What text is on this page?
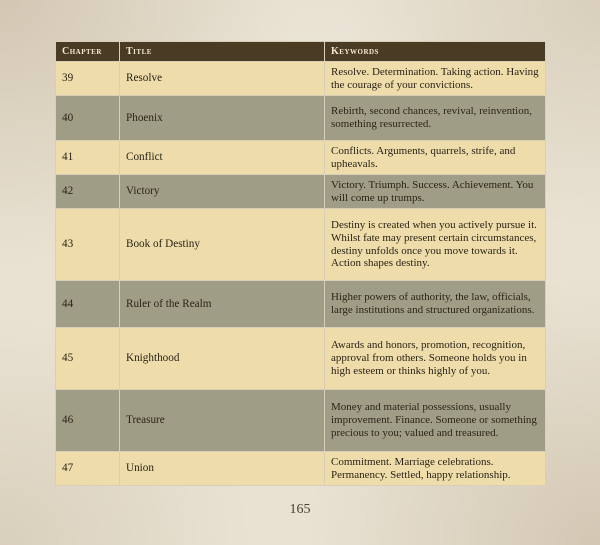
Chapter	Title	Keywords
39	Resolve	Resolve. Determination. Taking action. Having the courage of your convictions.
40	Phoenix	Rebirth, second chances, revival, reinvention, something resurrected.
41	Conflict	Conflicts. Arguments, quarrels, strife, and upheavals.
42	Victory	Victory. Triumph. Success. Achievement. You will come up trumps.
43	Book of Destiny	Destiny is created when you actively pursue it. Whilst fate may present certain circumstances, destiny unfolds once you move towards it. Action shapes destiny.
44	Ruler of the Realm	Higher powers of authority, the law, officials, large institutions and structured organizations.
45	Knighthood	Awards and honors, promotion, recognition, approval from others. Someone holds you in high esteem or thinks highly of you.
46	Treasure	Money and material possessions, usually improvement. Finance. Someone or something precious to you; valued and treasured.
47	Union	Commitment. Marriage celebrations. Permanency. Settled, happy relationship.
165
